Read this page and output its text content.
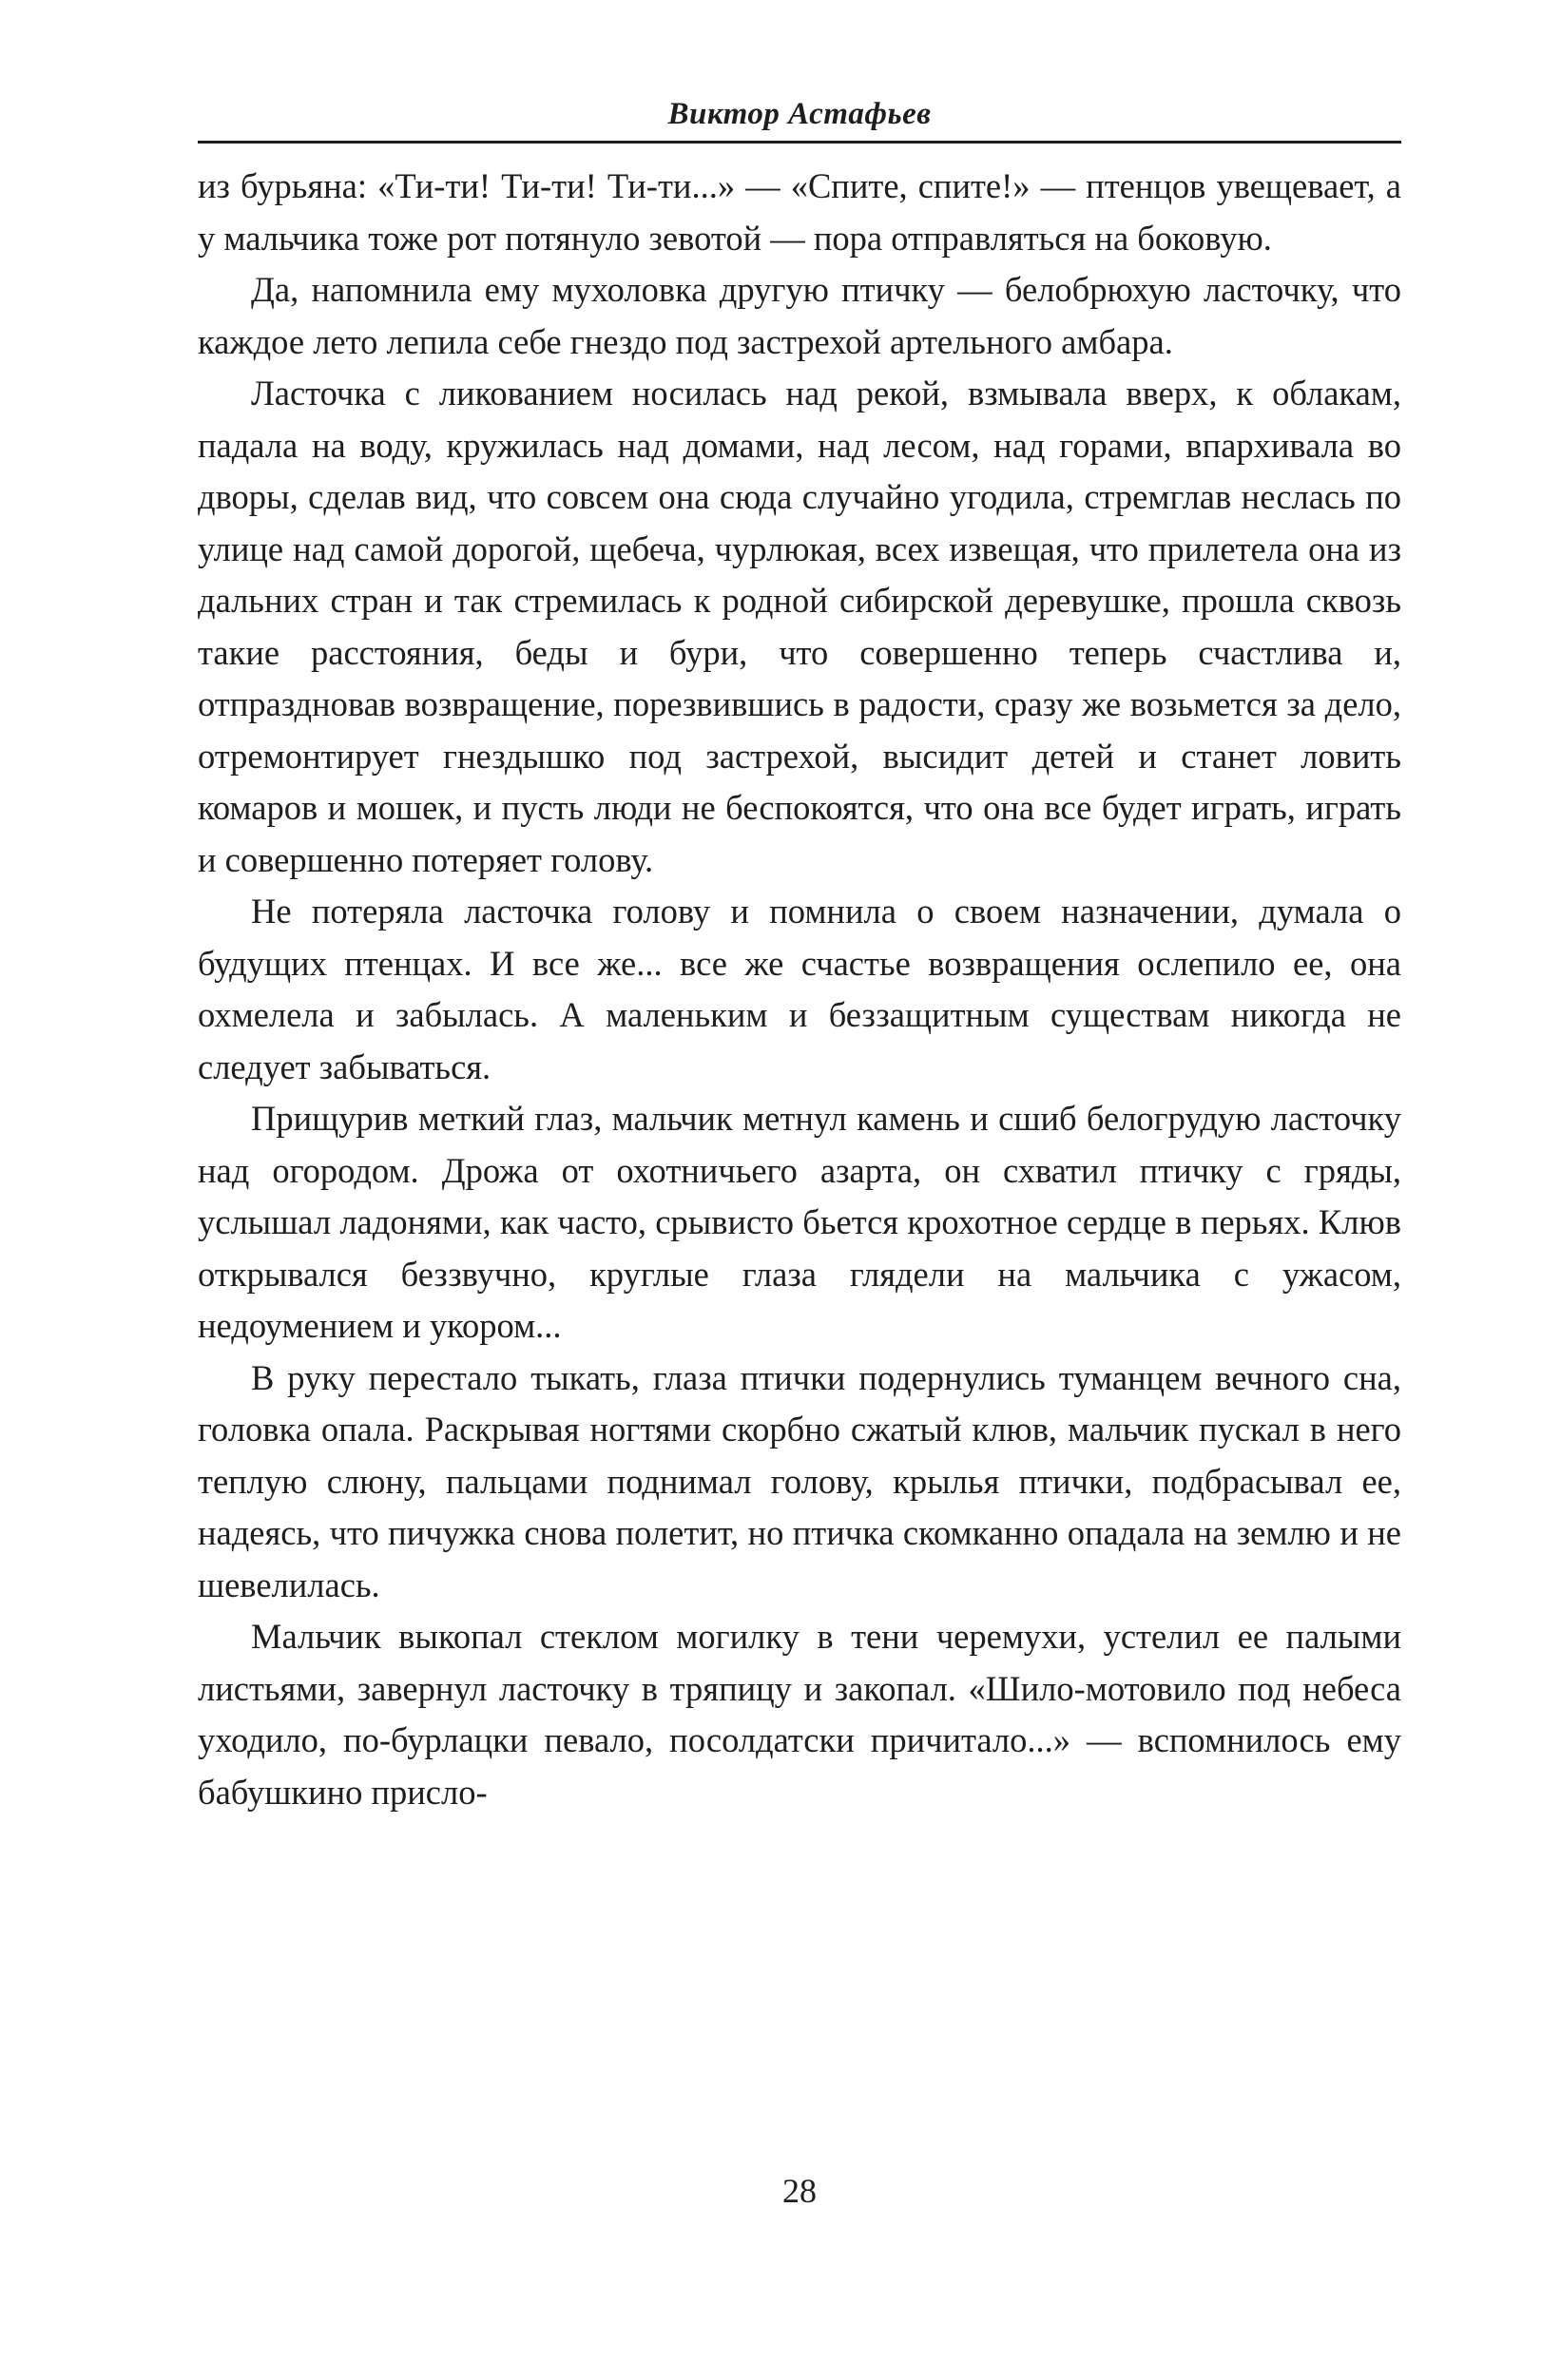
Виктор Астафьев

из бурьяна: «Ти-ти! Ти-ти! Ти-ти...» — «Спите, спите!» — птенцов увещевает, а у мальчика тоже рот потянуло зевотой — пора отправляться на боковую.

Да, напомнила ему мухоловка другую птичку — белобрюхую ласточку, что каждое лето лепила себе гнездо под застрехой артельного амбара.

Ласточка с ликованием носилась над рекой, взмывала вверх, к облакам, падала на воду, кружилась над домами, над лесом, над горами, впархивала во дворы, сделав вид, что совсем она сюда случайно угодила, стремглав неслась по улице над самой дорогой, щебеча, чурлюкая, всех извещая, что прилетела она из дальних стран и так стремилась к родной сибирской деревушке, прошла сквозь такие расстояния, беды и бури, что совершенно теперь счастлива и, отпраздновав возвращение, порезвившись в радости, сразу же возьмется за дело, отремонтирует гнездышко под застрехой, высидит детей и станет ловить комаров и мошек, и пусть люди не беспокоятся, что она все будет играть, играть и совершенно потеряет голову.

Не потеряла ласточка голову и помнила о своем назначении, думала о будущих птенцах. И все же... все же счастье возвращения ослепило ее, она охмелела и забылась. А маленьким и беззащитным существам никогда не следует забываться.

Прищурив меткий глаз, мальчик метнул камень и сшиб белогрудую ласточку над огородом. Дрожа от охотничьего азарта, он схватил птичку с гряды, услышал ладонями, как часто, срывисто бьется крохотное сердце в перьях. Клюв открывался беззвучно, круглые глаза глядели на мальчика с ужасом, недоумением и укором...

В руку перестало тыкать, глаза птички подернулись туманцем вечного сна, головка опала. Раскрывая ногтями скорбно сжатый клюв, мальчик пускал в него теплую слюну, пальцами поднимал голову, крылья птички, подбрасывал ее, надеясь, что пичужка снова полетит, но птичка скомканно опадала на землю и не шевелилась.

Мальчик выкопал стеклом могилку в тени черемухи, устелил ее палыми листьями, завернул ласточку в тряпицу и закопал. «Шило-мотовило под небеса уходило, по-бурлацки певало, посолдатски причитало...» — вспомнилось ему бабушкино присло-

28
